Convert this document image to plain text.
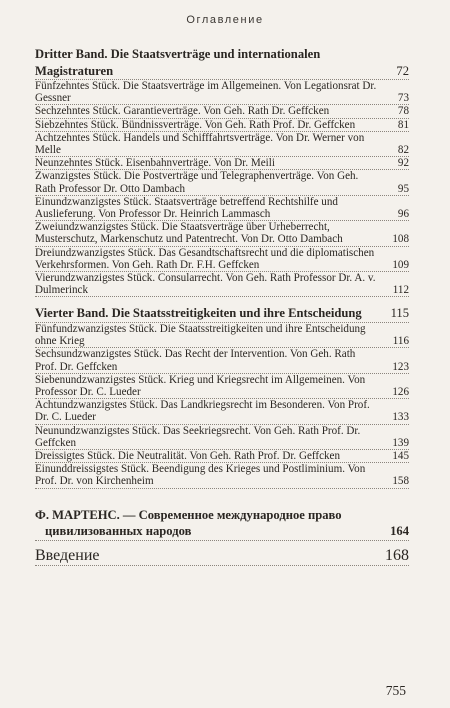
Оглавление
Dritter Band. Die Staatsverträge und internationalen Magistraturen	72
Fünfzehntes Stück. Die Staatsverträge im Allgemeinen. Von Legationsrat Dr. Gessner	73
Sechzehntes Stück. Garantieverträge. Von Geh. Rath Dr. Geffcken	78
Siebzehntes Stück. Bündnissverträge. Von Geh. Rath Prof. Dr. Geffcken	81
Achtzehntes Stück. Handels und Schifffahrtsverträge. Von Dr. Werner von Melle	82
Neunzehntes Stück. Eisenbahnverträge. Von Dr. Meili	92
Zwanzigstes Stück. Die Postverträge und Telegraphenverträge. Von Geh. Rath Professor Dr. Otto Dambach	95
Einundzwanzigstes Stück. Staatsverträge betreffend Rechtshilfe und Auslieferung. Von Professor Dr. Heinrich Lammasch	96
Zweiundzwanzigstes Stück. Die Staatsverträge über Urheberrecht, Musterschutz, Markenschutz und Patentrecht. Von Dr. Otto Dambach	108
Dreiundzwanzigstes Stück. Das Gesandtschaftsrecht und die diplomatischen Verkehrsformen. Von Geh. Rath Dr. F.H. Geffcken	109
Vierundzwanzigstes Stück. Consularrecht. Von Geh. Rath Professor Dr. A. v. Dulmerinck	112
Vierter Band. Die Staatsstreitigkeiten und ihre Entscheidung	115
Fünfundzwanzigstes Stück. Die Staatsstreitigkeiten und ihre Entscheidung ohne Krieg	116
Sechsundzwanzigstes Stück. Das Recht der Intervention. Von Geh. Rath Prof. Dr. Geffcken	123
Siebenundzwanzigstes Stück. Krieg und Kriegsrecht im Allgemeinen. Von Professor Dr. C. Lueder	126
Achtundzwanzigstes Stück. Das Landkriegsrecht im Besonderen. Von Prof. Dr. C. Lueder	133
Neunundzwanzigstes Stück. Das Seekriegsrecht. Von Geh. Rath Prof. Dr. Geffcken	139
Dreissigtes Stück. Die Neutralität. Von Geh. Rath Prof. Dr. Geffcken	145
Einunddreissigstes Stück. Beendigung des Krieges und Postliminium. Von Prof. Dr. von Kirchenheim	158
Ф. МАРТЕНС. — Современное международное право цивилизованных народов	164
Введение	168
755
